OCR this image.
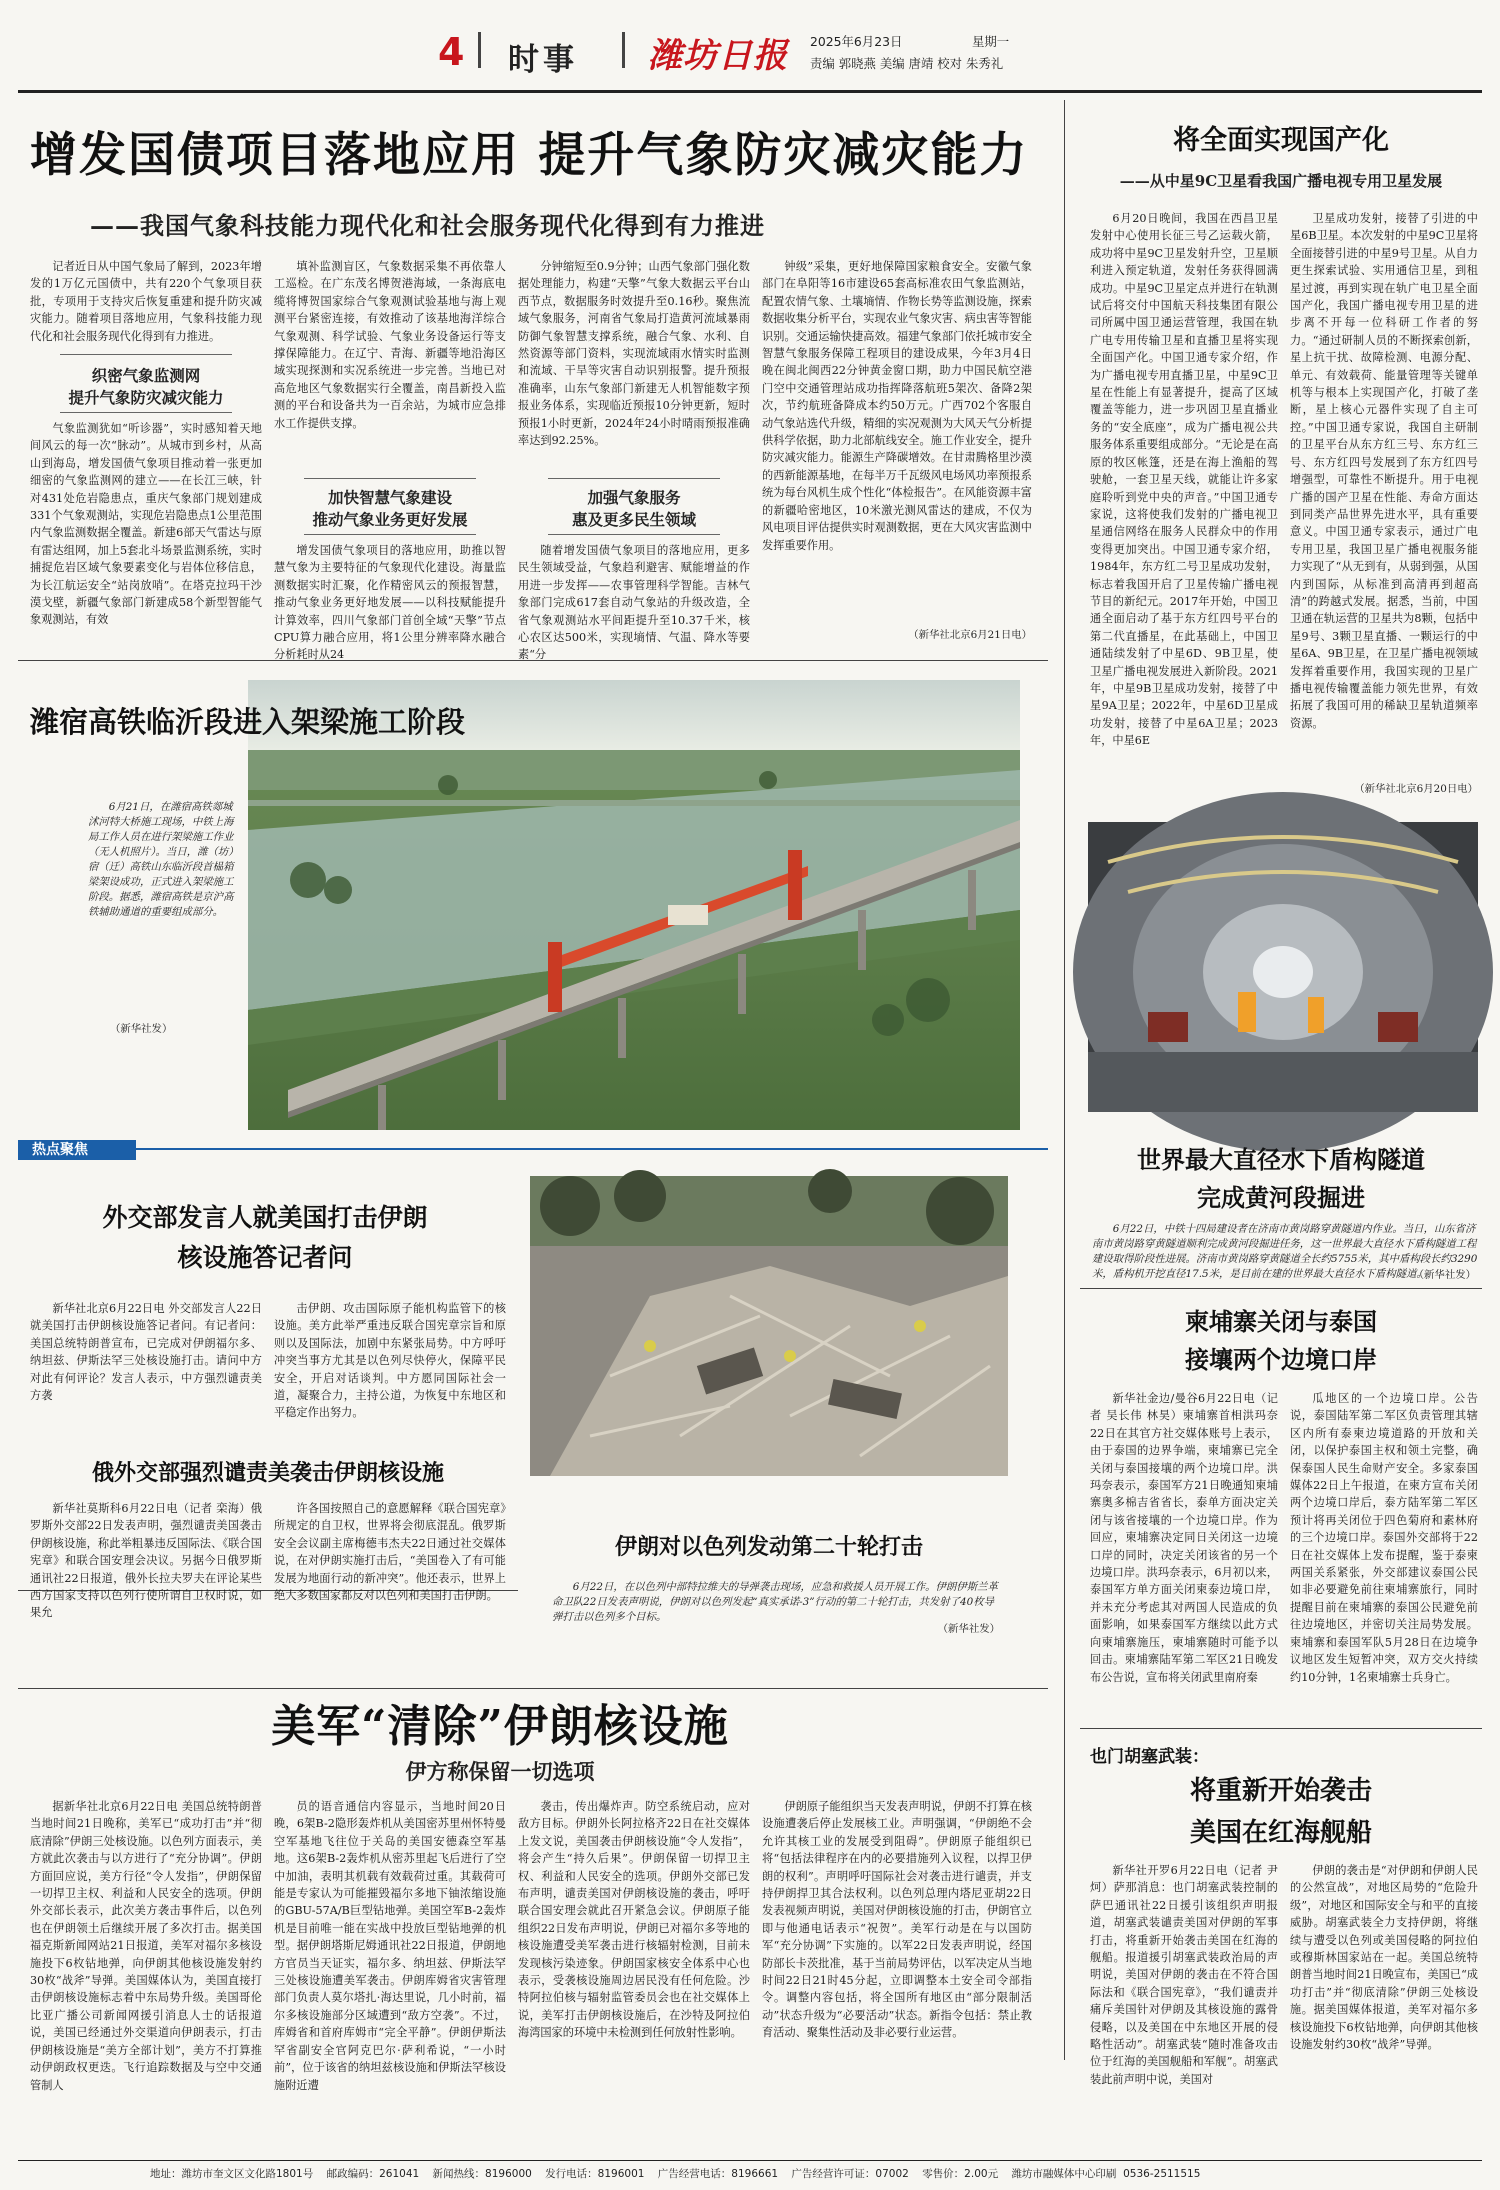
4 时事 潍坊日报 2025年6月23日	星期一
责编 郭晓燕 美编 唐靖 校对 朱秀礼
增发国债项目落地应用 提升气象防灾减灾能力
——我国气象科技能力现代化和社会服务现代化得到有力推进

记者近日从中国气象局了解到，2023年增发的1万亿元国债中，共有220个气象项目获批，专项用于支持灾后恢复重建和提升防灾减灾能力。随着项目落地应用，气象科技能力现代化和社会服务现代化得到有力推进。

织密气象监测网
提升气象防灾减灾能力

气象监测犹如“听诊器”，实时感知着天地间风云的每一次“脉动”。从城市到乡村，从高山到海岛，增发国债气象项目推动着一张更加细密的气象监测网的建立——在长江三峡，针对431处危岩隐患点，重庆气象部门规划建成331个气象观测站，实现危岩隐患点1公里范围内气象监测数据全覆盖。新建6部天气雷达与原有雷达组网，加上5套北斗场景监测系统，实时捕捉危岩区域气象要素变化与岩体位移信息，为长江航运安全“站岗放哨”。在塔克拉玛干沙漠戈壁，新疆气象部门新建成58个新型智能气象观测站，有效

填补监测盲区，气象数据采集不再依靠人工巡检。在广东茂名博贺港海域，一条海底电缆将博贺国家综合气象观测试验基地与海上观测平台紧密连接，有效推动了该基地海洋综合气象观测、科学试验、气象业务设备运行等支撑保障能力。在辽宁、青海、新疆等地沿海区域实现探测和实况系统进一步完善。当地已对高危地区气象数据实行全覆盖，南昌新投入监测的平台和设备共为一百余站，为城市应急排水工作提供支撑。

加快智慧气象建设
推动气象业务更好发展

增发国债气象项目的落地应用，助推以智慧气象为主要特征的气象现代化建设。海量监测数据实时汇聚，化作精密风云的预报智慧，推动气象业务更好地发展——以科技赋能提升计算效率，四川气象部门首创全域“天擎”节点CPU算力融合应用，将1公里分辨率降水融合分析耗时从24

分钟缩短至0.9分钟；山西气象部门强化数据处理能力，构建“天擎”气象大数据云平台山西节点，数据服务时效提升至0.16秒。聚焦流域气象服务，河南省气象局打造黄河流域暴雨防御气象智慧支撑系统，融合气象、水利、自然资源等部门资料，实现流域雨水情实时监测和流域、干旱等灾害自动识别报警。提升预报准确率，山东气象部门新建无人机智能数字预报业务体系，实现临近预报10分钟更新，短时预报1小时更新，2024年24小时晴雨预报准确率达到92.25%。

加强气象服务
惠及更多民生领域

随着增发国债气象项目的落地应用，更多民生领域受益，气象趋利避害、赋能增益的作用进一步发挥——农事管理科学智能。吉林气象部门完成617套自动气象站的升级改造，全省气象观测站水平间距提升至10.37千米，核心农区达500米，实现墒情、气温、降水等要素“分

钟级”采集，更好地保障国家粮食安全。安徽气象部门在阜阳等16市建设65套高标准农田气象监测站，配置农情气象、土壤墒情、作物长势等监测设施，探索数据收集分析平台，实现农业气象灾害、病虫害等智能识别。交通运输快捷高效。福建气象部门依托城市安全智慧气象服务保障工程项目的建设成果，今年3月4日晚在闽北闽西22分钟黄金窗口期，助力中国民航空港门空中交通管理站成功指挥降落航班5架次、备降2架次，节约航班备降成本约50万元。广西702个客服自动气象站选代升级，精细的实况观测为大风天气分析提供科学依据，助力北部航线安全。施工作业安全，提升防灾减灾能力。能源生产降碳增效。在甘肃腾格里沙漠的西新能源基地，在每半万千瓦级风电场风功率预报系统为每台风机生成个性化“体检报告”。在风能资源丰富的新疆哈密地区，10米激光测风雷达的建成，不仅为风电项目评估提供实时观测数据，更在大风灾害监测中发挥重要作用。

（新华社北京6月21日电）
潍宿高铁临沂段进入架梁施工阶段
6月21日，在潍宿高铁郯城沭河特大桥施工现场，中铁上海局工作人员在进行架梁施工作业（无人机照片）。当日，潍（坊）宿（迁）高铁山东临沂段首榀箱梁架设成功，正式进入架梁施工阶段。据悉，潍宿高铁是京沪高铁辅助通道的重要组成部分。
（新华社发）
热点聚焦
外交部发言人就美国打击伊朗
核设施答记者问

新华社北京6月22日电 外交部发言人22日就美国打击伊朗核设施答记者问。有记者问：美国总统特朗普宣布，已完成对伊朗福尔多、纳坦兹、伊斯法罕三处核设施打击。请问中方对此有何评论？发言人表示，中方强烈谴责美方袭

击伊朗、攻击国际原子能机构监管下的核设施。美方此举严重违反联合国宪章宗旨和原则以及国际法，加剧中东紧张局势。中方呼吁冲突当事方尤其是以色列尽快停火，保障平民安全，开启对话谈判。中方愿同国际社会一道，凝聚合力，主持公道，为恢复中东地区和平稳定作出努力。

俄外交部强烈谴责美袭击伊朗核设施

新华社莫斯科6月22日电（记者 栾海）俄罗斯外交部22日发表声明，强烈谴责美国袭击伊朗核设施，称此举粗暴违反国际法、《联合国宪章》和联合国安理会决议。另据今日俄罗斯通讯社22日报道，俄外长拉夫罗夫在评论某些西方国家支持以色列行使所谓自卫权时说，如果允

许各国按照自己的意愿解释《联合国宪章》所规定的自卫权，世界将会彻底混乱。俄罗斯安全会议副主席梅德韦杰夫22日通过社交媒体说，在对伊朗实施打击后，“美国卷入了有可能发展为地面行动的新冲突”。他还表示，世界上绝大多数国家都反对以色列和美国打击伊朗。

伊朗对以色列发动第二十轮打击
6月22日，在以色列中部特拉维夫的导弹袭击现场，应急和救援人员开展工作。伊朗伊斯兰革命卫队22日发表声明说，伊朗对以色列发起“真实承诺-3”行动的第二十轮打击，共发射了40枚导弹打击以色列多个目标。
（新华社发）
美军“清除”伊朗核设施
伊方称保留一切选项

据新华社北京6月22日电 美国总统特朗普当地时间21日晚称，美军已“成功打击”并“彻底清除”伊朗三处核设施。以色列方面表示，美方就此次袭击与以方进行了“充分协调”。伊朗方面回应说，美方行径“令人发指”，伊朗保留一切捍卫主权、利益和人民安全的选项。伊朗外交部长表示，此次美方袭击事件后，以色列也在伊朗领土后继续开展了多次打击。据美国福克斯新闻网站21日报道，美军对福尔多核设施投下6枚钻地弹，向伊朗其他核设施发射约30枚“战斧”导弹。美国媒体认为，美国直接打击伊朗核设施标志着中东局势升级。美国哥伦比亚广播公司新闻网援引消息人士的话报道说，美国已经通过外交渠道向伊朗表示，打击伊朗核设施是“美方全部计划”，美方不打算推动伊朗政权更迭。飞行追踪数据及与空中交通管制人

员的语音通信内容显示，当地时间20日晚，6架B-2隐形轰炸机从美国密苏里州怀特曼空军基地飞往位于关岛的美国安德森空军基地。这6架B-2轰炸机从密苏里起飞后进行了空中加油，表明其机载有效载荷过重。其载荷可能是专家认为可能摧毁福尔多地下铀浓缩设施的GBU-57A/B巨型钻地弹。美国空军B-2轰炸机是目前唯一能在实战中投放巨型钻地弹的机型。据伊朗塔斯尼姆通讯社22日报道，伊朗地方官员当天证实，福尔多、纳坦兹、伊斯法罕三处核设施遭美军袭击。伊朗库姆省灾害管理部门负责人莫尔塔扎·海达里说，几小时前，福尔多核设施部分区域遭到“敌方空袭”。不过，库姆省和首府库姆市“完全平静”。伊朗伊斯法罕省副安全官阿克巴尔·萨利希说，“一小时前”，位于该省的纳坦兹核设施和伊斯法罕核设施附近遭

袭击，传出爆炸声。防空系统启动，应对敌方目标。伊朗外长阿拉格齐22日在社交媒体上发文说，美国袭击伊朗核设施“令人发指”，将会产生“持久后果”。伊朗保留一切捍卫主权、利益和人民安全的选项。伊朗外交部已发布声明，谴责美国对伊朗核设施的袭击，呼吁联合国安理会就此召开紧急会议。伊朗原子能组织22日发布声明说，伊朗已对福尔多等地的核设施遭受美军袭击进行核辐射检测，目前未发现核污染迹象。伊朗国家核安全体系中心也表示，受袭核设施周边居民没有任何危险。沙特阿拉伯核与辐射监管委员会也在社交媒体上说，美军打击伊朗核设施后，在沙特及阿拉伯海湾国家的环境中未检测到任何放射性影响。

伊朗原子能组织当天发表声明说，伊朗不打算在核设施遭袭后停止发展核工业。声明强调，“伊朗绝不会允许其核工业的发展受到阻碍”。伊朗原子能组织已将“包括法律程序在内的必要措施列入议程，以捍卫伊朗的权利”。声明呼吁国际社会对袭击进行谴责，并支持伊朗捍卫其合法权利。以色列总理内塔尼亚胡22日发表视频声明说，美国对伊朗核设施的打击，伊朗官立即与他通电话表示“祝贺”。美军行动是在与以国防军“充分协调”下实施的。以军22日发表声明说，经国防部长卡茨批准，基于当前局势评估，以军决定从当地时间22日21时45分起，立即调整本土安全司令部指令。调整内容包括，将全国所有地区由“部分限制活动”状态升级为“必要活动”状态。新指令包括：禁止教育活动、聚集性活动及非必要行业运营。

将全面实现国产化
——从中星9C卫星看我国广播电视专用卫星发展

6月20日晚间，我国在西昌卫星发射中心使用长征三号乙运载火箭，成功将中星9C卫星发射升空，卫星顺利进入预定轨道，发射任务获得圆满成功。中星9C卫星定点并进行在轨测试后将交付中国航天科技集团有限公司所属中国卫通运营管理，我国在轨广电专用传输卫星和直播卫星将实现全面国产化。中国卫通专家介绍，作为广播电视专用直播卫星，中星9C卫星在性能上有显著提升，提高了区域覆盖等能力，进一步巩固卫星直播业务的“安全底座”，成为广播电视公共服务体系重要组成部分。“无论是在高原的牧区帐篷，还是在海上渔船的驾驶舱，一套卫星天线，就能让许多家庭聆听到党中央的声音。”中国卫通专家说，这将使我们发射的广播电视卫星通信网络在服务人民群众中的作用变得更加突出。中国卫通专家介绍，1984年，东方红二号卫星成功发射，标志着我国开启了卫星传输广播电视节目的新纪元。2017年开始，中国卫通全面启动了基于东方红四号平台的第二代直播星，在此基础上，中国卫通陆续发射了中星6D、9B卫星，使卫星广播电视发展进入新阶段。2021年，中星9B卫星成功发射，接替了中星9A卫星；2022年，中星6D卫星成功发射，接替了中星6A卫星；2023年，中星6E

卫星成功发射，接替了引进的中星6B卫星。本次发射的中星9C卫星将全面接替引进的中星9号卫星。从自力更生探索试验、实用通信卫星，到租星过渡，再到实现在轨广电卫星全面国产化，我国广播电视专用卫星的进步离不开每一位科研工作者的努力。“通过研制人员的不断探索创新，星上抗干扰、故障检测、电源分配、单元、有效载荷、能量管理等关键单机等与根本上实现国产化，打破了垄断，星上核心元器件实现了自主可控。”中国卫通专家说，我国自主研制的卫星平台从东方红三号、东方红三号、东方红四号发展到了东方红四号增强型，可靠性不断提升。用于电视广播的国产卫星在性能、寿命方面达到同类产品世界先进水平，具有重要意义。中国卫通专家表示，通过广电专用卫星，我国卫星广播电视服务能力实现了“从无到有，从弱到强，从国内到国际，从标准到高清再到超高清”的跨越式发展。据悉，当前，中国卫通在轨运营的卫星共为8颗，包括中星9号、3颗卫星直播、一颗运行的中星6A、9B卫星，在卫星广播电视领域发挥着重要作用，我国实现的卫星广播电视传输覆盖能力领先世界，有效拓展了我国可用的稀缺卫星轨道频率资源。

（新华社北京6月20日电）
世界最大直径水下盾构隧道
完成黄河段掘进
6月22日，中铁十四局建设者在济南市黄岗路穿黄隧道内作业。当日，山东省济南市黄岗路穿黄隧道顺利完成黄河段掘进任务，这一世界最大直径水下盾构隧道工程建设取得阶段性进展。济南市黄岗路穿黄隧道全长约5755米，其中盾构段长约3290米，盾构机开挖直径17.5米，是目前在建的世界最大直径水下盾构隧道。
（新华社发）
柬埔寨关闭与泰国
接壤两个边境口岸

新华社金边/曼谷6月22日电（记者 吴长伟 林昊）柬埔寨首相洪玛奈22日在其官方社交媒体账号上表示，由于泰国的边界争端，柬埔寨已完全关闭与泰国接壤的两个边境口岸。洪玛奈表示，泰国军方21日晚通知柬埔寨奥多棉吉省省长，泰单方面决定关闭与该省接壤的一个边境口岸。作为回应，柬埔寨决定同日关闭这一边境口岸的同时，决定关闭该省的另一个边境口岸。洪玛奈表示，6月初以来，泰国军方单方面关闭柬泰边境口岸，并未充分考虑其对两国人民造成的负面影响，如果泰国军方继续以此方式向柬埔寨施压，柬埔寨随时可能予以回击。柬埔寨陆军第二军区21日晚发布公告说，宣布将关闭武里南府秦

瓜地区的一个边境口岸。公告说，泰国陆军第二军区负责管理其辖区内所有泰柬边境道路的开放和关闭，以保护泰国主权和领土完整，确保泰国人民生命财产安全。多家泰国媒体22日上午报道，在柬方宣布关闭两个边境口岸后，泰方陆军第二军区预计将再关闭位于四色菊府和素林府的三个边境口岸。泰国外交部将于22日在社交媒体上发布提醒，鉴于泰柬两国关系紧张，外交部建议泰国公民如非必要避免前往柬埔寨旅行，同时提醒目前在柬埔寨的泰国公民避免前往边境地区，并密切关注局势发展。柬埔寨和泰国军队5月28日在边境争议地区发生短暂冲突，双方交火持续约10分钟，1名柬埔寨士兵身亡。

也门胡塞武装：
将重新开始袭击
美国在红海舰船

新华社开罗6月22日电（记者 尹炣）萨那消息：也门胡塞武装控制的萨巴通讯社22日援引该组织声明报道，胡塞武装谴责美国对伊朗的军事打击，将重新开始袭击美国在红海的舰船。报道援引胡塞武装政治局的声明说，美国对伊朗的袭击在不符合国际法和《联合国宪章》，“我们谴责并痛斥美国针对伊朗及其核设施的露骨侵略，以及美国在中东地区开展的侵略性活动”。胡塞武装“随时准备攻击位于红海的美国舰船和军舰”。胡塞武装此前声明中说，美国对

伊朗的袭击是“对伊朗和伊朗人民的公然宣战”，对地区局势的“危险升级”，对地区和国际安全与和平的直接威胁。胡塞武装全力支持伊朗，将继续与遭受以色列或美国侵略的阿拉伯或穆斯林国家站在一起。美国总统特朗普当地时间21日晚宣布，美国已“成功打击”并“彻底清除”伊朗三处核设施。据美国媒体报道，美军对福尔多核设施投下6枚钻地弹，向伊朗其他核设施发射约30枚“战斧”导弹。

地址：潍坊市奎文区文化路1801号 邮政编码：261041 新闻热线：8196000 发行电话：8196001 广告经营电话：8196661 广告经营许可证：07002 零售价：2.00元 潍坊市融媒体中心印刷 0536-2511515
